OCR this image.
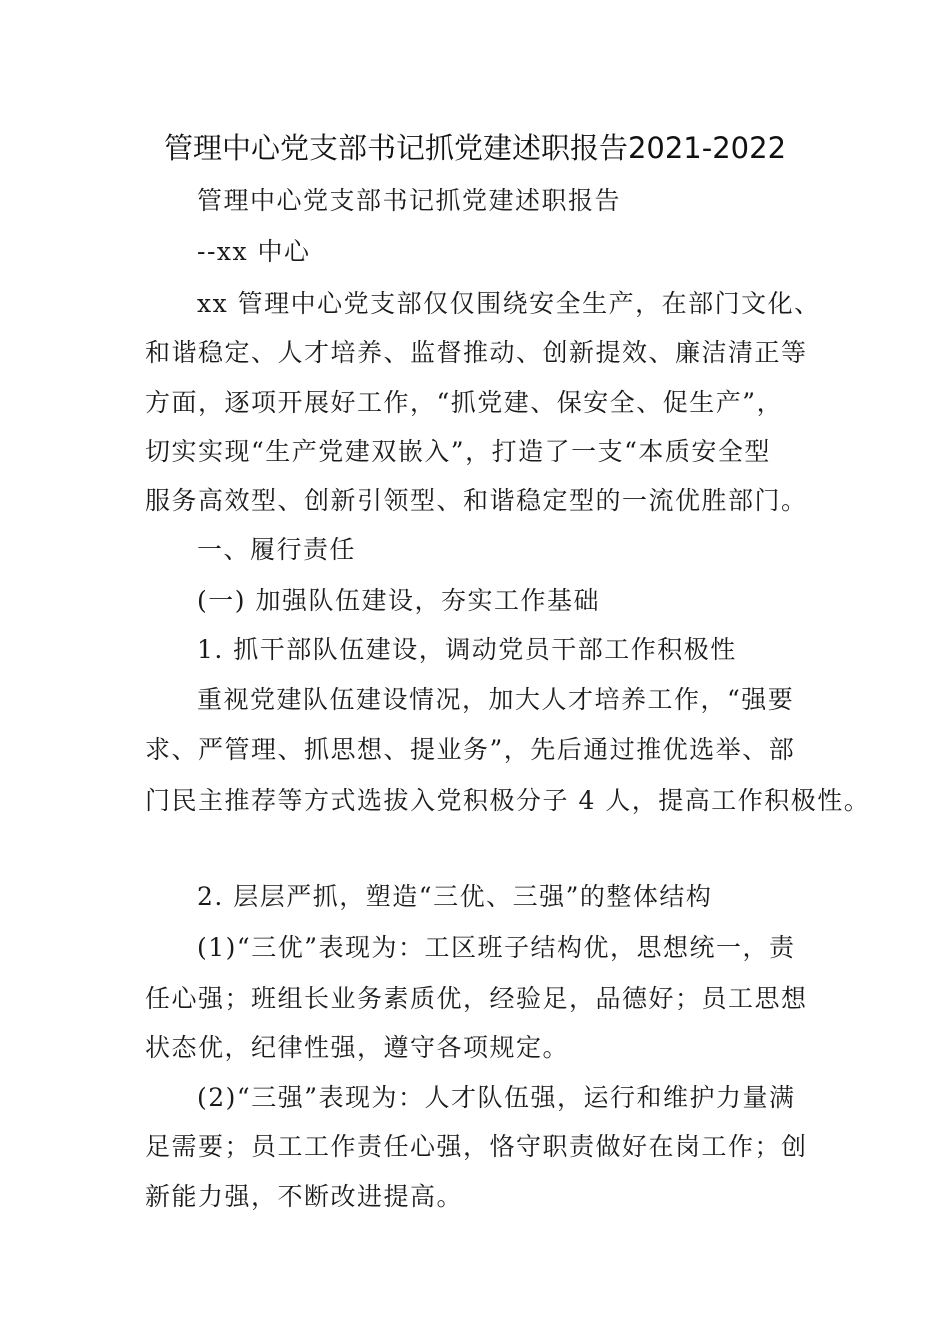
管理中心党支部书记抓党建述职报告2021-2022
管理中心党支部书记抓党建述职报告
--xx 中心
xx 管理中心党支部仅仅围绕安全生产，在部门文化、
和谐稳定、人才培养、监督推动、创新提效、廉洁清正等
方面，逐项开展好工作，“抓党建、保安全、促生产”，
切实实现“生产党建双嵌入”，打造了一支“本质安全型
服务高效型、创新引领型、和谐稳定型的一流优胜部门。
一、履行责任
(一) 加强队伍建设，夯实工作基础
1. 抓干部队伍建设，调动党员干部工作积极性
重视党建队伍建设情况，加大人才培养工作，“强要
求、严管理、抓思想、提业务”，先后通过推优选举、部
门民主推荐等方式选拔入党积极分子 4 人，提高工作积极性。
2. 层层严抓，塑造“三优、三强”的整体结构
(1)“三优”表现为：工区班子结构优，思想统一，责
任心强；班组长业务素质优，经验足，品德好；员工思想
状态优，纪律性强，遵守各项规定。
(2)“三强”表现为：人才队伍强，运行和维护力量满
足需要；员工工作责任心强，恪守职责做好在岗工作；创
新能力强，不断改进提高。
